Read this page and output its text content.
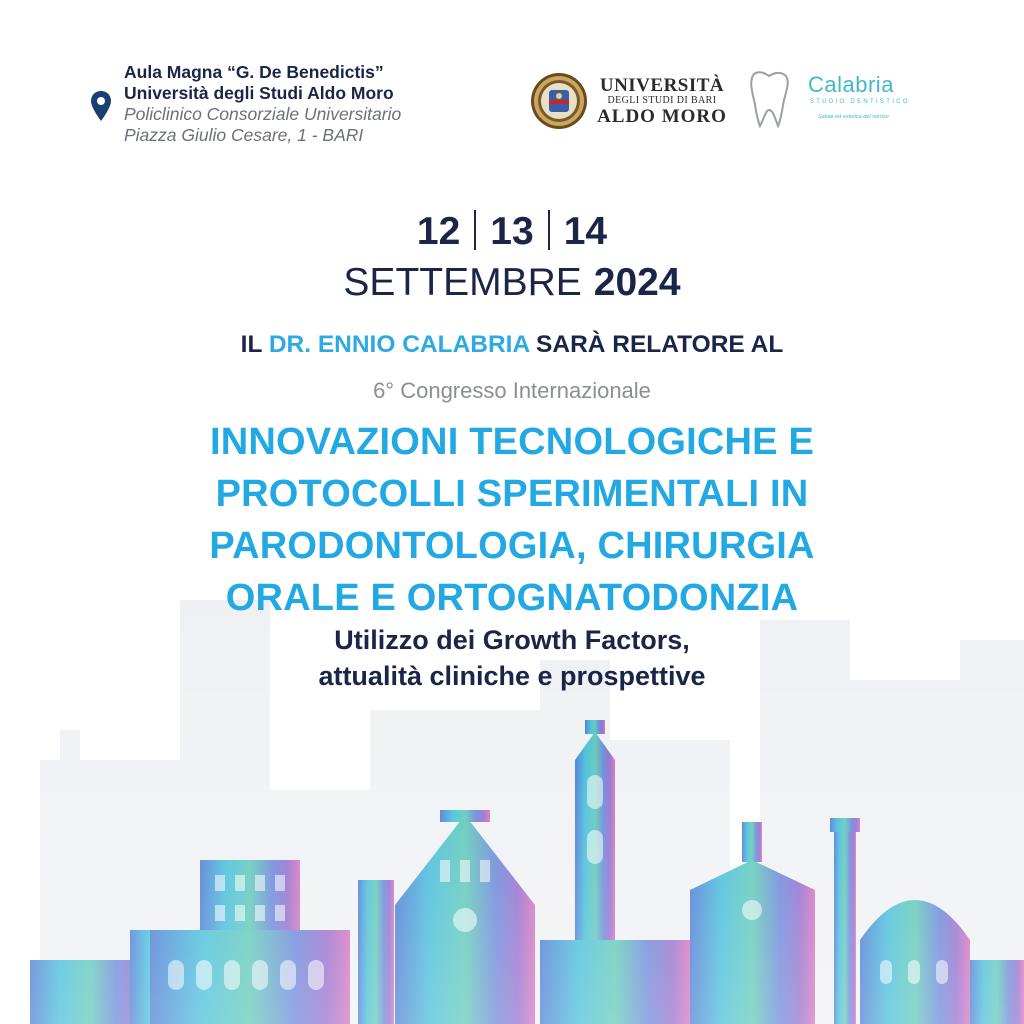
Aula Magna “G. De Benedictis”
Università degli Studi Aldo Moro
Policlinico Consorziale Universitario
Piazza Giulio Cesare, 1 - BARI
UNIVERSITÀ
DEGLI STUDI DI BARI
ALDO MORO
Calabria
STUDIO DENTISTICO
Salute ed estetica del sorriso
12 13 14
SETTEMBRE 2024
IL DR. ENNIO CALABRIA SARÀ RELATORE AL
6° Congresso Internazionale
INNOVAZIONI TECNOLOGICHE E
PROTOCOLLI SPERIMENTALI IN
PARODONTOLOGIA, CHIRURGIA
ORALE E ORTOGNATODONZIA
Utilizzo dei Growth Factors,
attualità cliniche e prospettive
